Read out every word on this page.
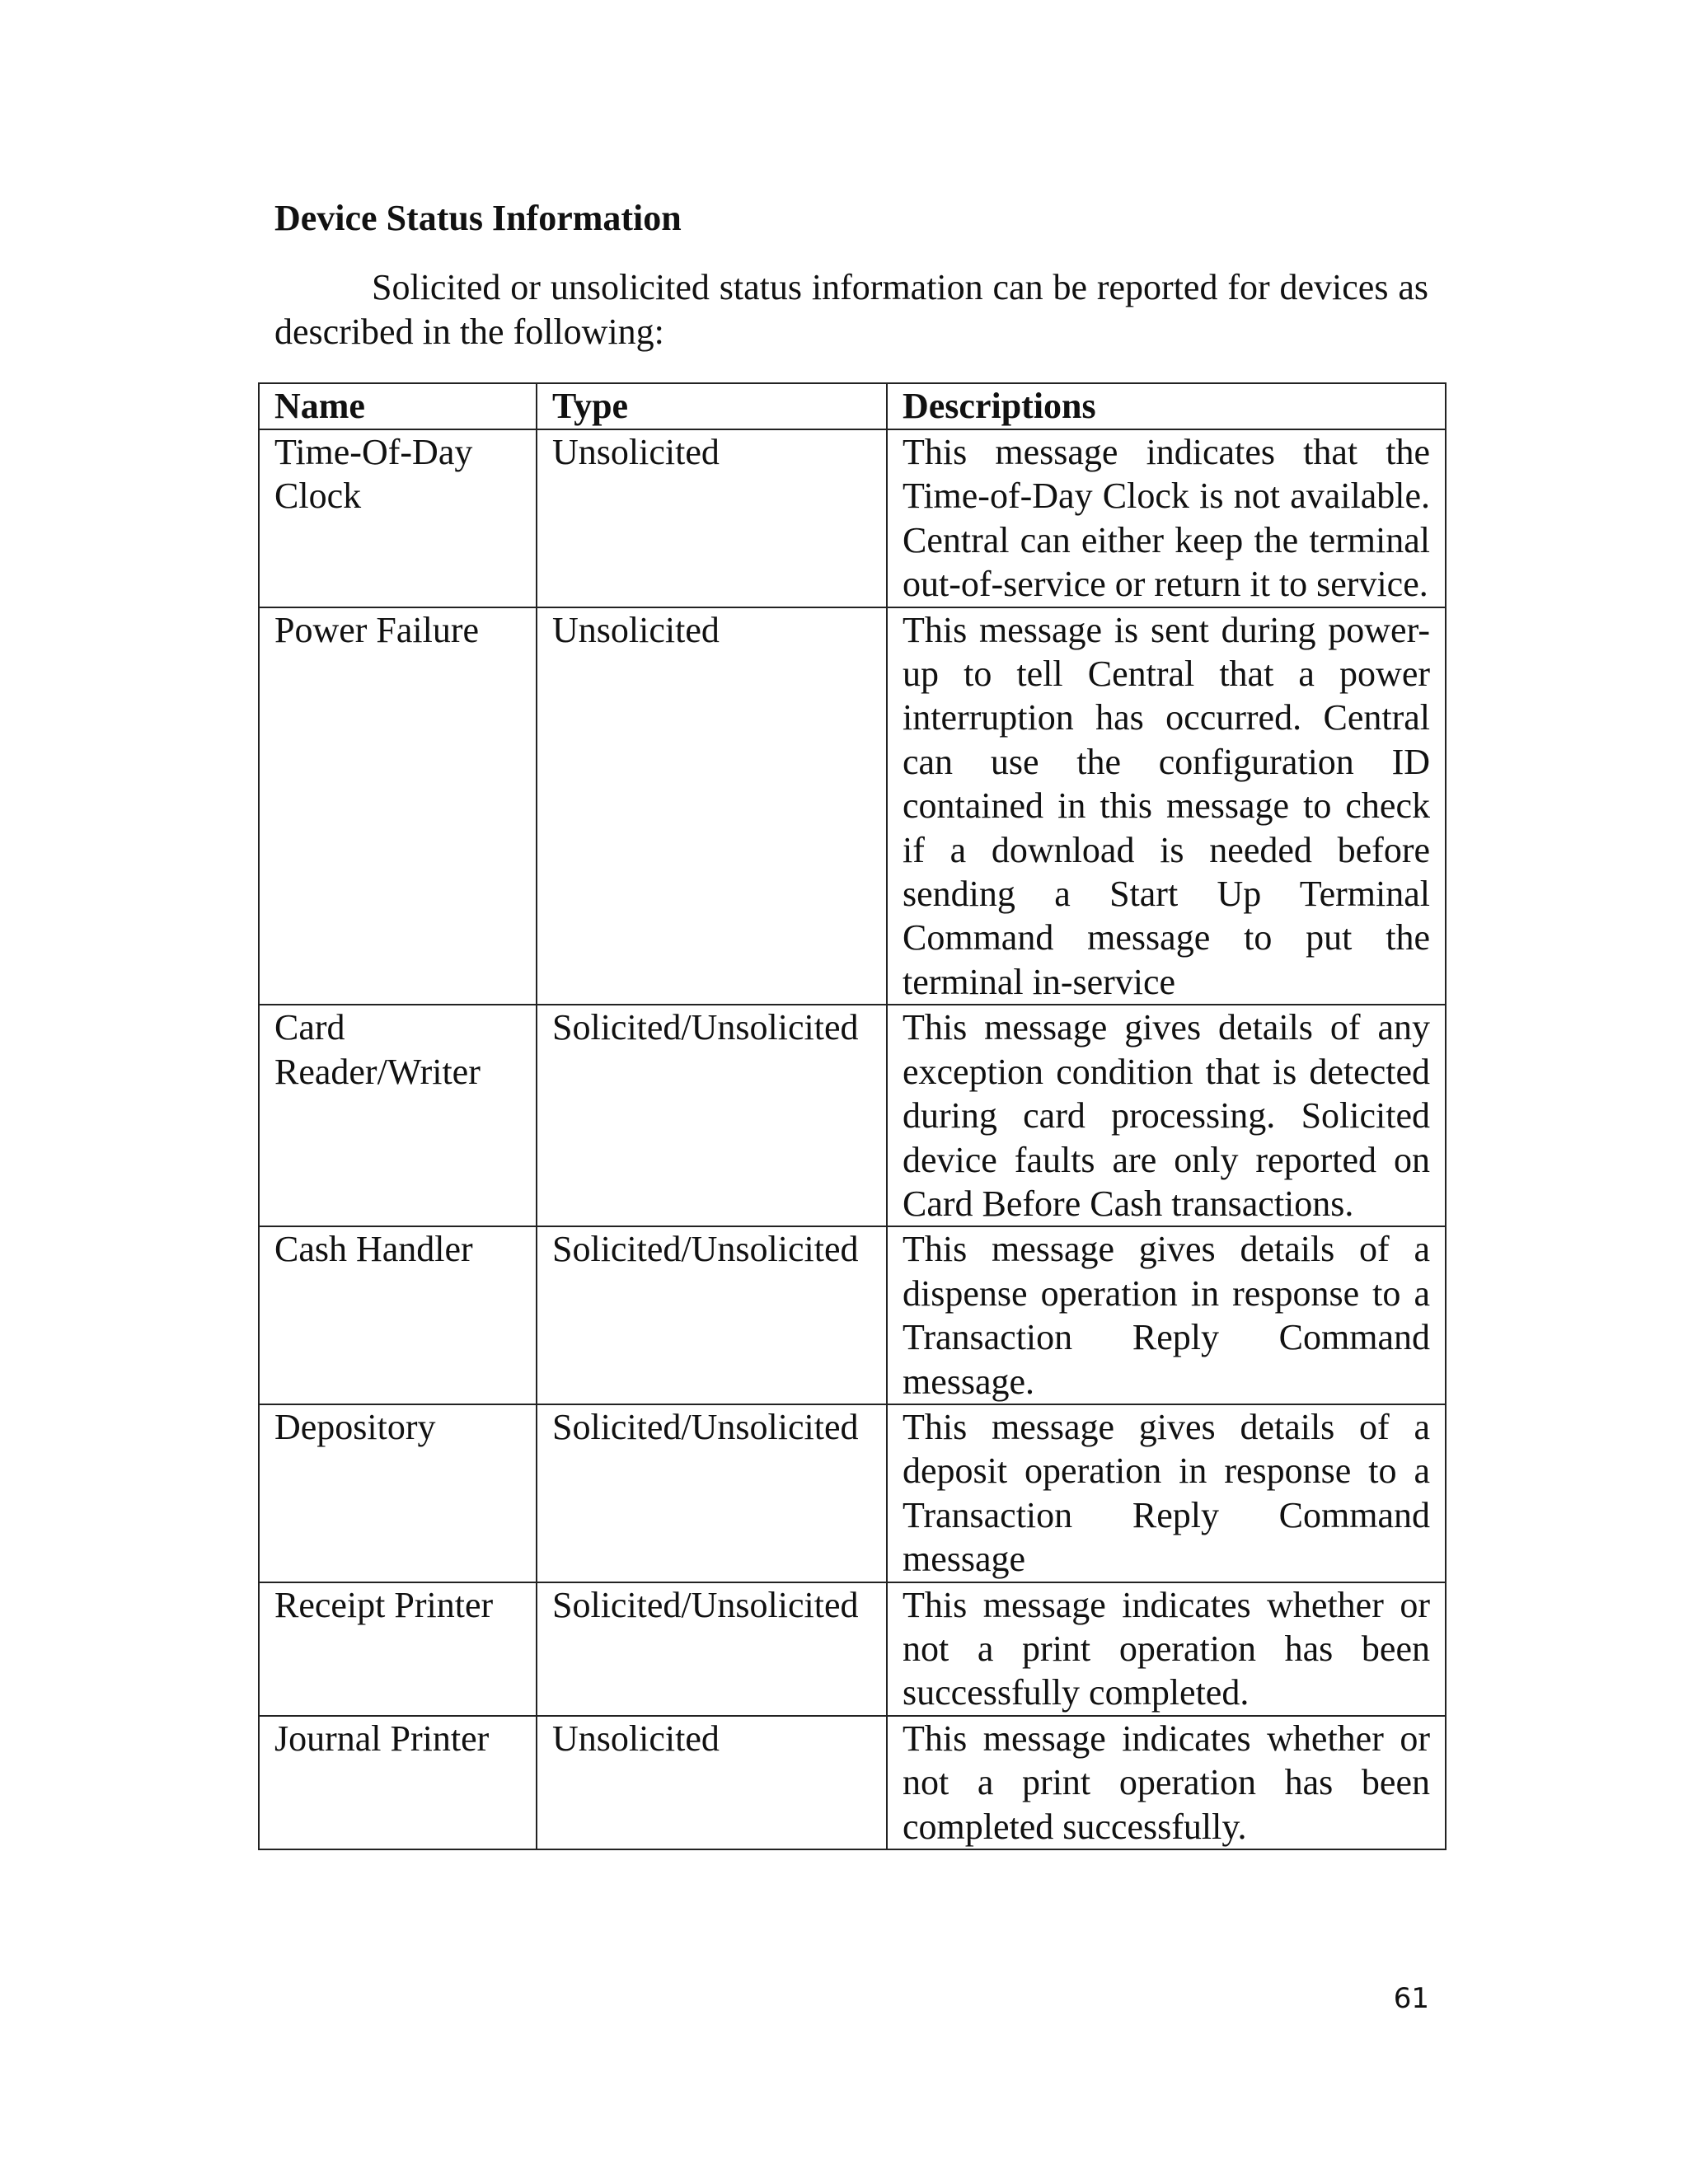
Device Status Information

Solicited or unsolicited status information can be reported for devices as described in the following:

Name	Type	Descriptions
Time-Of-Day Clock	Unsolicited	This message indicates that the Time-of-Day Clock is not available. Central can either keep the terminal out-of-service or return it to service.
Power Failure	Unsolicited	This message is sent during power-up to tell Central that a power interruption has occurred. Central can use the configuration ID contained in this message to check if a download is needed before sending a Start Up Terminal Command message to put the terminal in-service
Card Reader/Writer	Solicited/Unsolicited	This message gives details of any exception condition that is detected during card processing. Solicited device faults are only reported on Card Before Cash transactions.
Cash Handler	Solicited/Unsolicited	This message gives details of a dispense operation in response to a Transaction Reply Command message.
Depository	Solicited/Unsolicited	This message gives details of a deposit operation in response to a Transaction Reply Command message
Receipt Printer	Solicited/Unsolicited	This message indicates whether or not a print operation has been successfully completed.
Journal Printer	Unsolicited	This message indicates whether or not a print operation has been completed successfully.
61
